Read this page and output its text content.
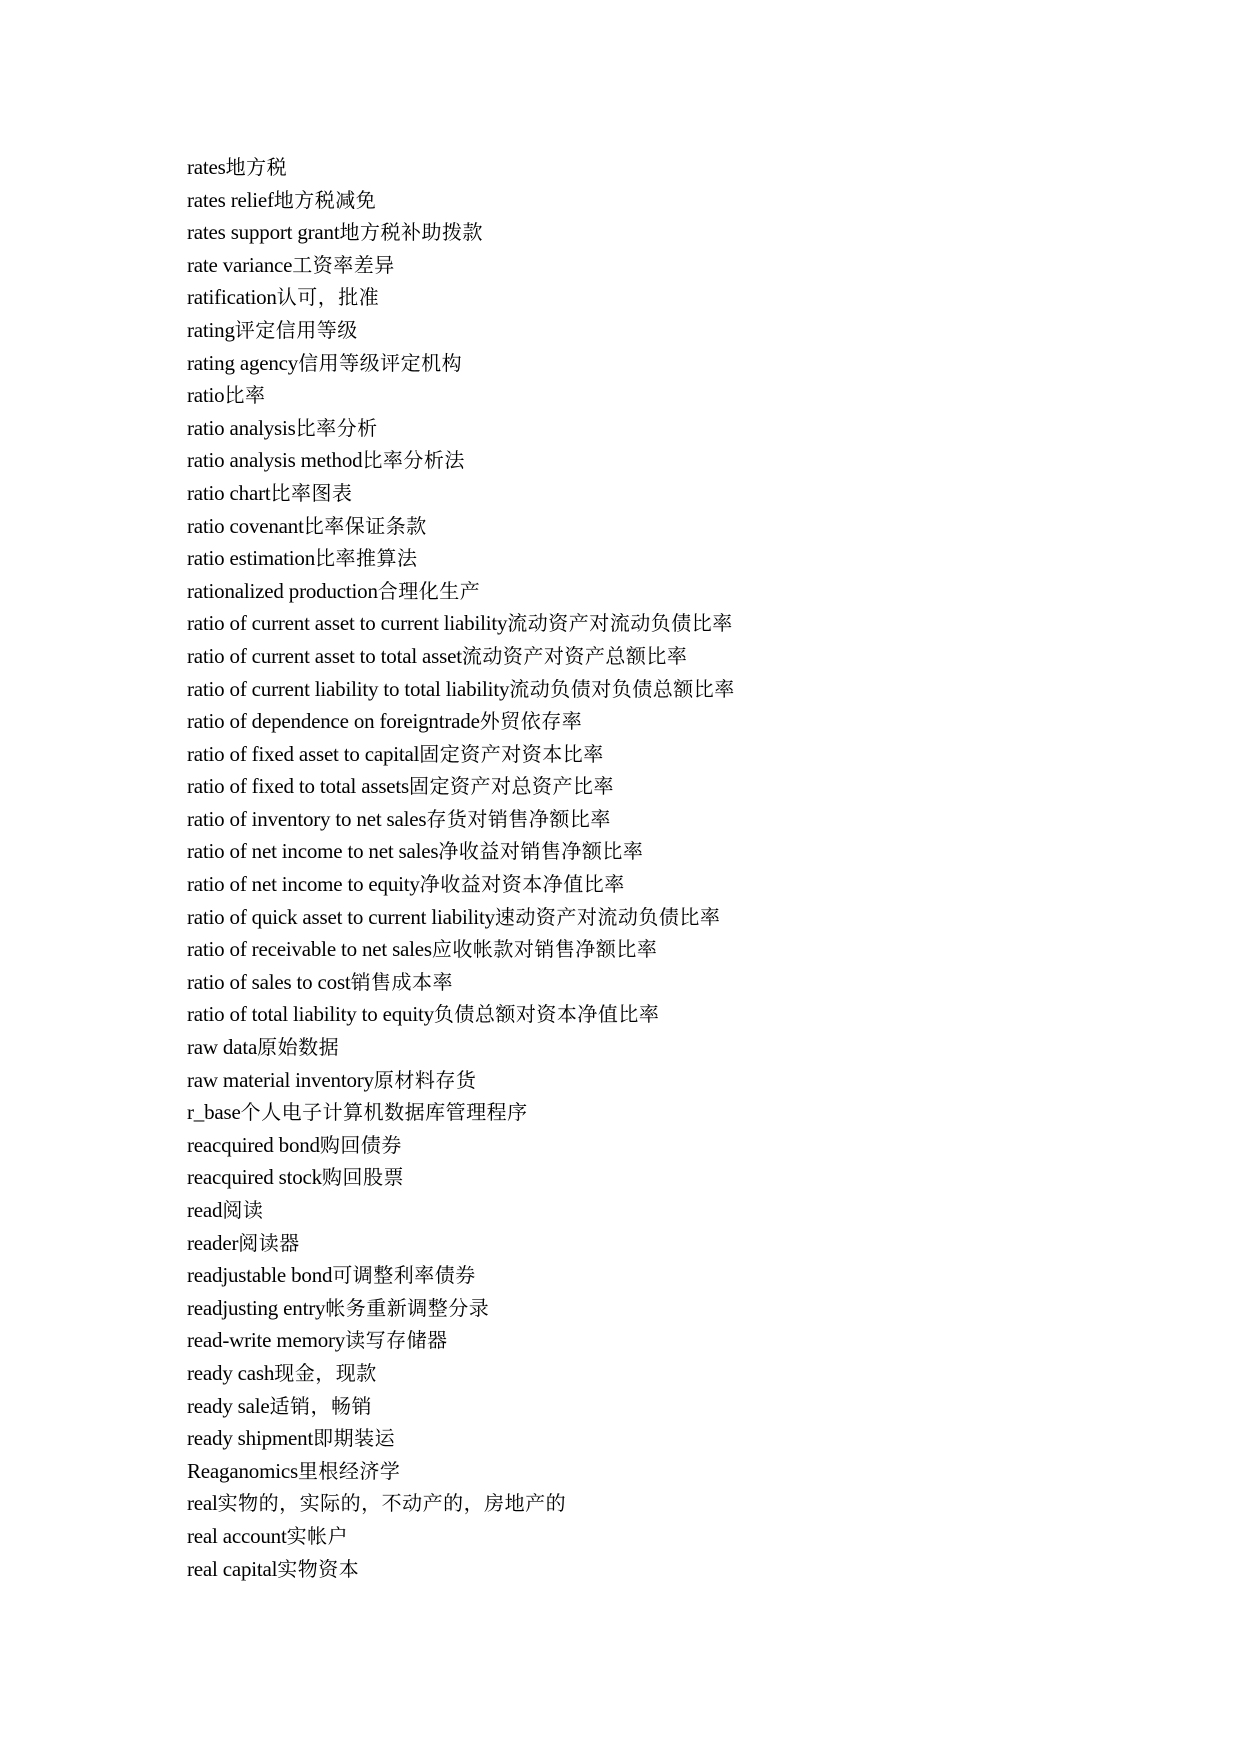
rates地方税
rates relief地方税减免
rates support grant地方税补助拨款
rate variance工资率差异
ratification认可，批准
rating评定信用等级
rating agency信用等级评定机构
ratio比率
ratio analysis比率分析
ratio analysis method比率分析法
ratio chart比率图表
ratio covenant比率保证条款
ratio estimation比率推算法
rationalized production合理化生产
ratio of current asset to current liability流动资产对流动负债比率
ratio of current asset to total asset流动资产对资产总额比率
ratio of current liability to total liability流动负债对负债总额比率
ratio of dependence on foreigntrade外贸依存率
ratio of fixed asset to capital固定资产对资本比率
ratio of fixed to total assets固定资产对总资产比率
ratio of inventory to net sales存货对销售净额比率
ratio of net income to net sales净收益对销售净额比率
ratio of net income to equity净收益对资本净值比率
ratio of quick asset to current liability速动资产对流动负债比率
ratio of receivable to net sales应收帐款对销售净额比率
ratio of sales to cost销售成本率
ratio of total liability to equity负债总额对资本净值比率
raw data原始数据
raw material inventory原材料存货
r_base个人电子计算机数据库管理程序
reacquired bond购回债券
reacquired stock购回股票
read阅读
reader阅读器
readjustable bond可调整利率债券
readjusting entry帐务重新调整分录
read-write memory读写存储器
ready cash现金，现款
ready sale适销，畅销
ready shipment即期装运
Reaganomics里根经济学
real实物的，实际的，不动产的，房地产的
real account实帐户
real capital实物资本
